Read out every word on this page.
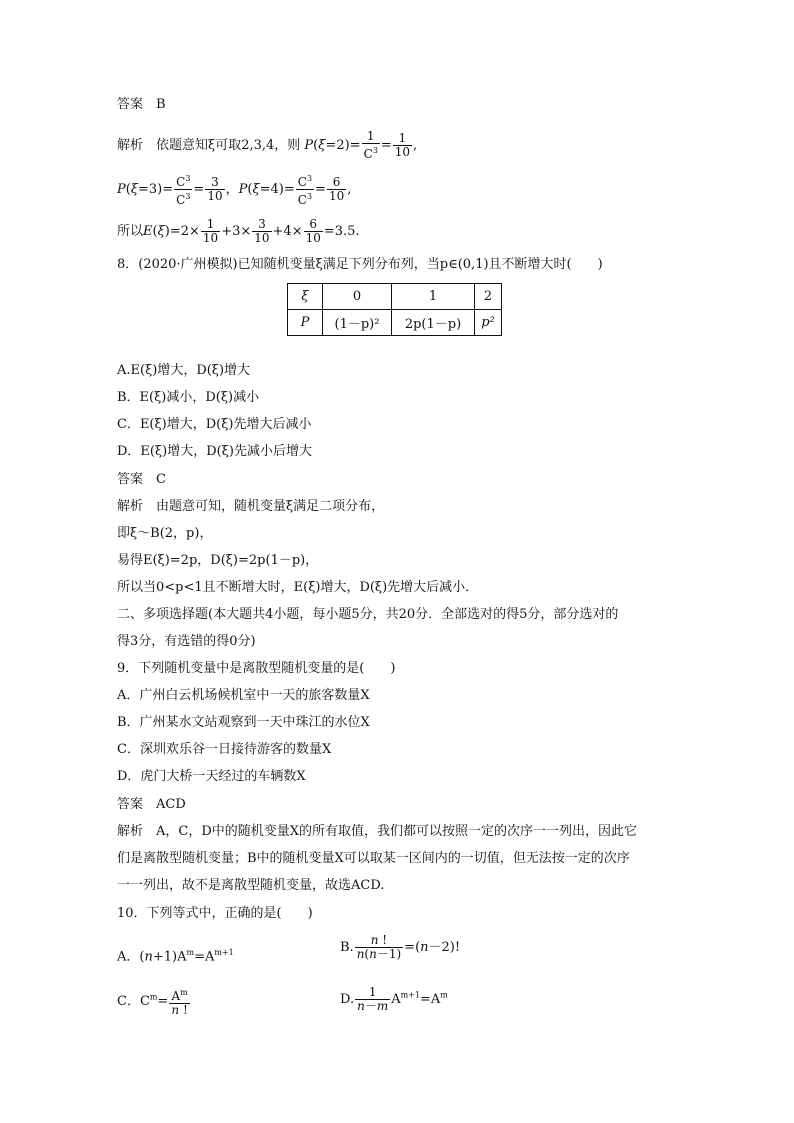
答案　B
解析　 依题意知ξ可取2,3,4，则 $P(\xi=2)= \frac{1}{C^3} = \frac{1}{10}$ ,
$P(\xi=3)= \frac{C^3}{C^3} = \frac{3}{10}$ ，$P(\xi=4)= \frac{C^3}{C^3} = \frac{6}{10}$ ,
所以$E(\xi)=2\times \frac{1}{10} +3\times \frac{3}{10} +4\times \frac{6}{10} =3.5$.
8．(2020·广州模拟)已知随机变量ξ满足下列分布列，当p∈(0,1)且不断增大时(　　)
ξ	0	1	2
P	(1－p)²	2p(1－p)	p²
A.E(ξ)增大，D(ξ)增大
B．E(ξ)减小，D(ξ)减小
C．E(ξ)增大，D(ξ)先增大后减小
D．E(ξ)增大，D(ξ)先减小后增大
答案　C
解析　由题意可知，随机变量ξ满足二项分布，
即ξ～B(2，p)，
易得E(ξ)=2p，D(ξ)=2p(1－p)，
所以当0<p<1且不断增大时，E(ξ)增大，D(ξ)先增大后减小．
二、多项选择题(本大题共4小题，每小题5分，共20分．全部选对的得5分，部分选对的
得3分，有选错的得0分)
9．下列随机变量中是离散型随机变量的是(　　)
A．广州白云机场候机室中一天的旅客数量X
B．广州某水文站观察到一天中珠江的水位X
C．深圳欢乐谷一日接待游客的数量X
D．虎门大桥一天经过的车辆数X
答案　ACD
解析　A，C，D中的随机变量X的所有取值，我们都可以按照一定的次序一一列出，因此它
们是离散型随机变量；B中的随机变量X可以取某一区间内的一切值，但无法按一定的次序
一一列出，故不是离散型随机变量，故选ACD.
10．下列等式中，正确的是(　　)
A．$(n+1)A^m=A^{m+1}$	B. $\frac{n !}{n(n-1)} =(n-2)$!
C．$C^m= \frac{A^m}{n !}$	D. $\frac{1}{n-m} A^{m+1}=A^m$
